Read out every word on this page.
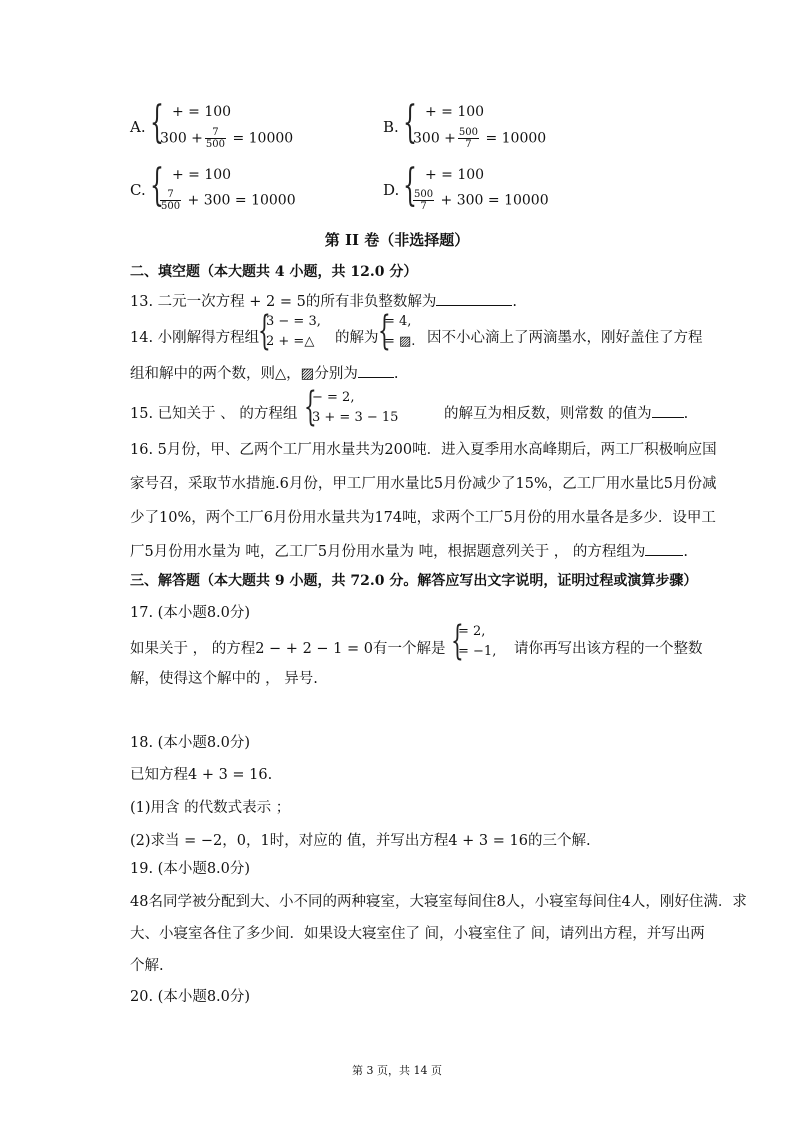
A. { + = 100
$300 + \frac{7}{500} = 10000$
B. { + = 100
$300 + \frac{500}{7} = 10000$
C. { + = 100
$\frac{7}{500} + 300 = 10000$
D. { + = 100
$\frac{500}{7} + 300 = 10000$
第 II 卷（非选择题）
二、填空题（本大题共 4 小题，共 12.0 分）
13. 二元一次方程 + 2 = 5的所有非负整数解为	.
14. 小刚解得方程组
{
3 − = 3,
2 + =△ 的解为 {
= 4,
= ▨. 因不小心滴上了两滴墨水，刚好盖住了方程
组和解中的两个数，则△，▨分别为 .
15. 已知关于 、 的方程组 {
− = 2,
3 + = 3 − 15	的解互为相反数，则常数 的值为 .
16. 5月份，甲、乙两个工厂用水量共为200吨．进入夏季用水高峰期后，两工厂积极响应国
家号召，采取节水措施.6月份，甲工厂用水量比5月份减少了15%，乙工厂用水量比5月份减
少了10%，两个工厂6月份用水量共为174吨，求两个工厂5月份的用水量各是多少．设甲工
厂5月份用水量为 吨，乙工厂5月份用水量为 吨，根据题意列关于 ， 的方程组为	.
三、解答题（本大题共 9 小题，共 72.0 分。解答应写出文字说明，证明过程或演算步骤）
17. (本小题8.0分)
如果关于 ， 的方程2 − + 2 − 1 = 0有一个解是 {
= 2,
= −1, 请你再写出该方程的一个整数
解，使得这个解中的 ， 异号.
18. (本小题8.0分)
已知方程4 + 3 = 16.
(1)用含 的代数式表示 ；
(2)求当 = −2，0，1时，对应的 值，并写出方程4 + 3 = 16的三个解.
19. (本小题8.0分)
48名同学被分配到大、小不同的两种寝室，大寝室每间住8人，小寝室每间住4人，刚好住满．求
大、小寝室各住了多少间．如果设大寝室住了 间，小寝室住了 间，请列出方程，并写出两
个解.
20. (本小题8.0分)
第 3 页，共 14 页
